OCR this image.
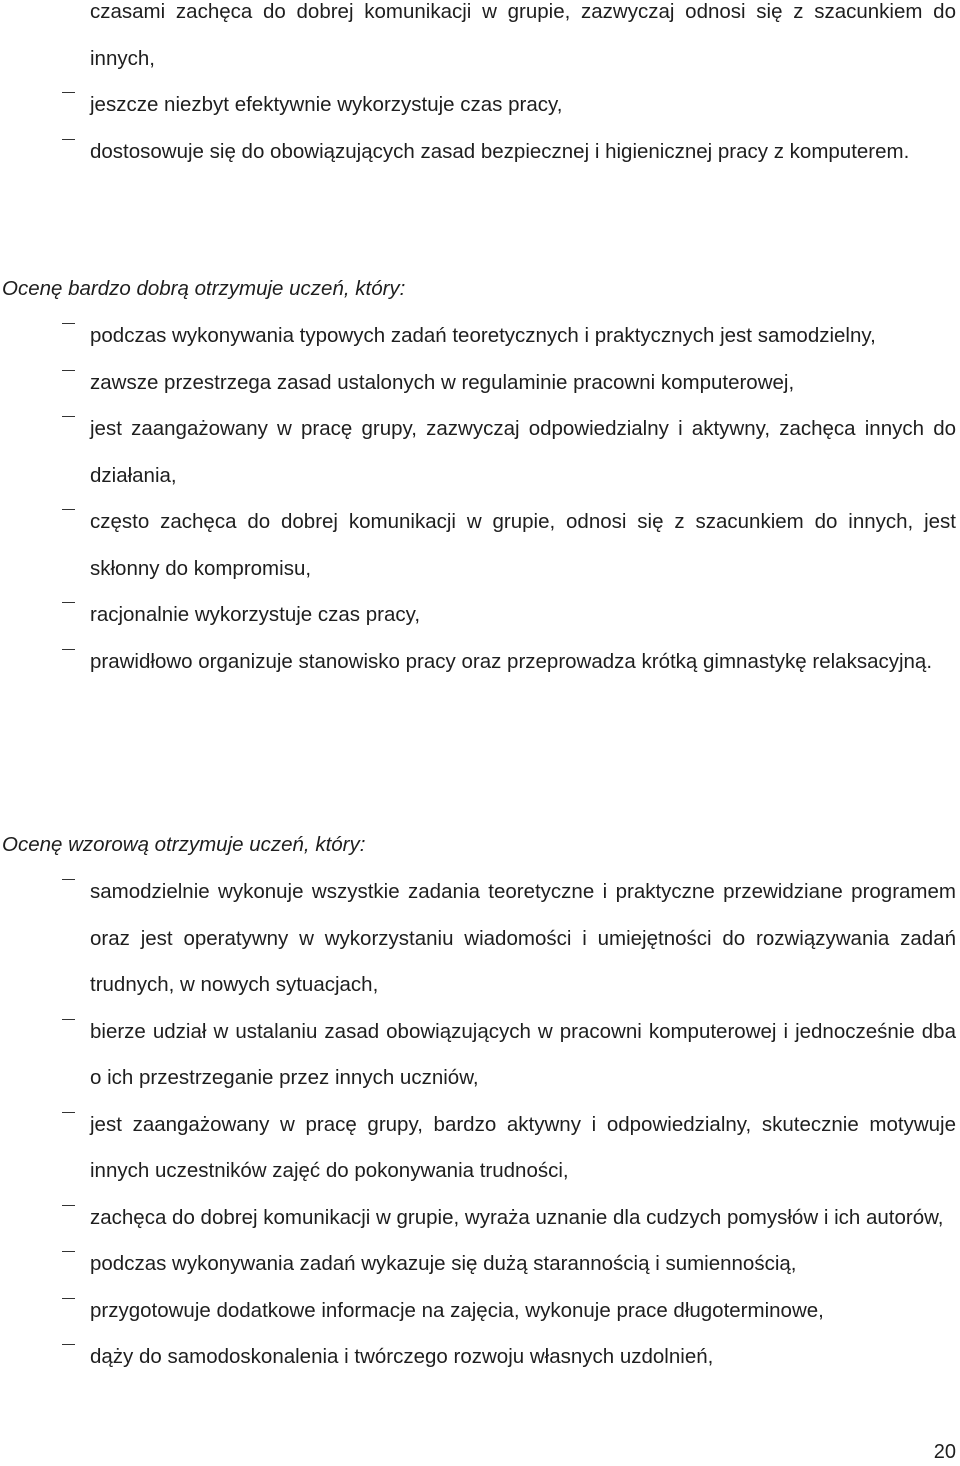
czasami zachęca do dobrej komunikacji w grupie, zazwyczaj odnosi się z szacunkiem do innych,
jeszcze niezbyt efektywnie wykorzystuje czas pracy,
dostosowuje się do obowiązujących zasad bezpiecznej i higienicznej pracy z komputerem.
Ocenę bardzo dobrą otrzymuje uczeń, który:
podczas wykonywania typowych zadań teoretycznych i praktycznych jest samodzielny,
zawsze przestrzega zasad ustalonych w regulaminie pracowni komputerowej,
jest zaangażowany w pracę grupy, zazwyczaj odpowiedzialny i aktywny, zachęca innych do działania,
często zachęca do dobrej komunikacji w grupie, odnosi się z szacunkiem do innych, jest skłonny do kompromisu,
racjonalnie wykorzystuje czas pracy,
prawidłowo organizuje stanowisko pracy oraz przeprowadza krótką gimnastykę relaksacyjną.
Ocenę wzorową otrzymuje uczeń, który:
samodzielnie wykonuje wszystkie zadania teoretyczne i praktyczne przewidziane programem oraz jest operatywny w wykorzystaniu wiadomości i umiejętności do rozwiązywania zadań trudnych, w nowych sytuacjach,
bierze udział w ustalaniu zasad obowiązujących w pracowni komputerowej i jednocześnie dba o ich przestrzeganie przez innych uczniów,
jest zaangażowany w pracę grupy, bardzo aktywny i odpowiedzialny, skutecznie motywuje innych uczestników zajęć do pokonywania trudności,
zachęca do dobrej komunikacji w grupie, wyraża uznanie dla cudzych pomysłów i ich autorów,
podczas wykonywania zadań wykazuje się dużą starannością i sumiennością,
przygotowuje dodatkowe informacje na zajęcia, wykonuje prace długoterminowe,
dąży do samodoskonalenia i twórczego rozwoju własnych uzdolnień,
20
